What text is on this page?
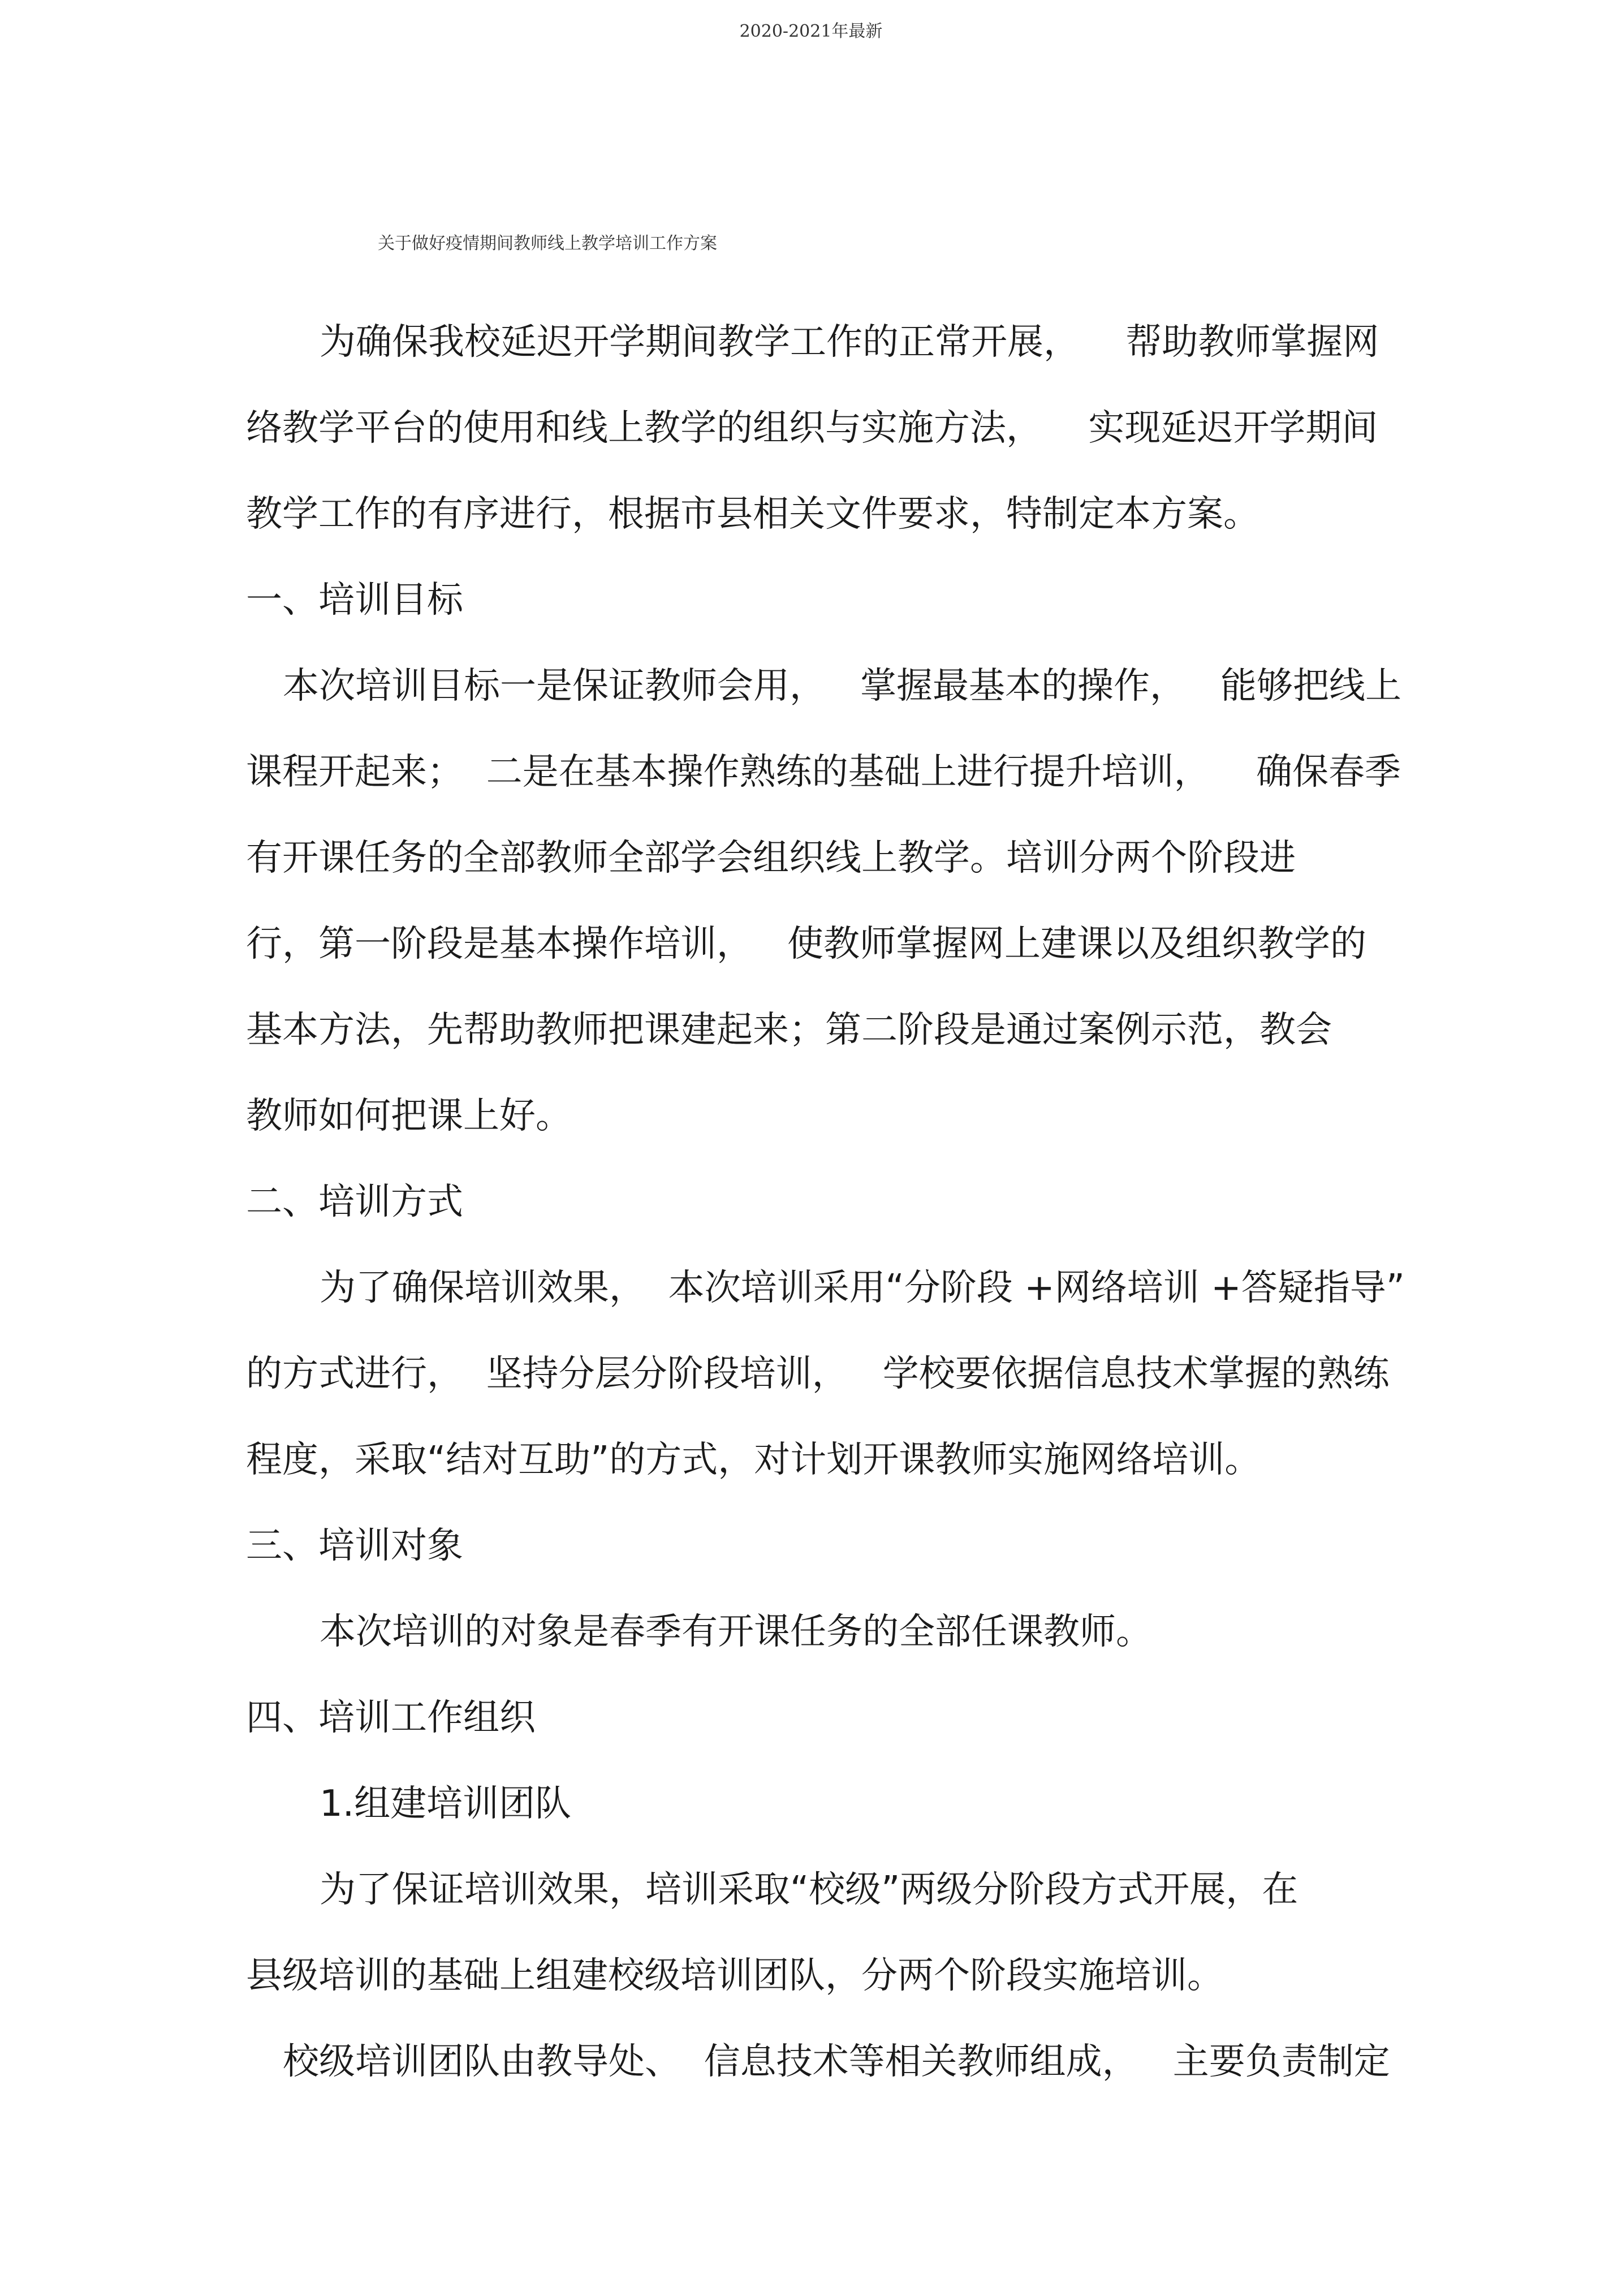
2020-2021年最新
关于做好疫情期间教师线上教学培训工作方案
为确保我校延迟开学期间教学工作的正常开展，    帮助教师掌握网
络教学平台的使用和线上教学的组织与实施方法，    实现延迟开学期间
教学工作的有序进行，根据市县相关文件要求，特制定本方案。
一、培训目标
本次培训目标一是保证教师会用，   掌握最基本的操作，   能够把线上
课程开起来；  二是在基本操作熟练的基础上进行提升培训，    确保春季
有开课任务的全部教师全部学会组织线上教学。培训分两个阶段进
行，第一阶段是基本操作培训，   使教师掌握网上建课以及组织教学的
基本方法，先帮助教师把课建起来；第二阶段是通过案例示范，教会
教师如何把课上好。
二、培训方式
为了确保培训效果，  本次培训采用“分阶段 +网络培训 +答疑指导”
的方式进行，  坚持分层分阶段培训，   学校要依据信息技术掌握的熟练
程度，采取“结对互助”的方式，对计划开课教师实施网络培训。
三、培训对象
本次培训的对象是春季有开课任务的全部任课教师。
四、培训工作组织
1.组建培训团队
为了保证培训效果，培训采取“校级”两级分阶段方式开展，在
县级培训的基础上组建校级培训团队，分两个阶段实施培训。
校级培训团队由教导处、  信息技术等相关教师组成，   主要负责制定
